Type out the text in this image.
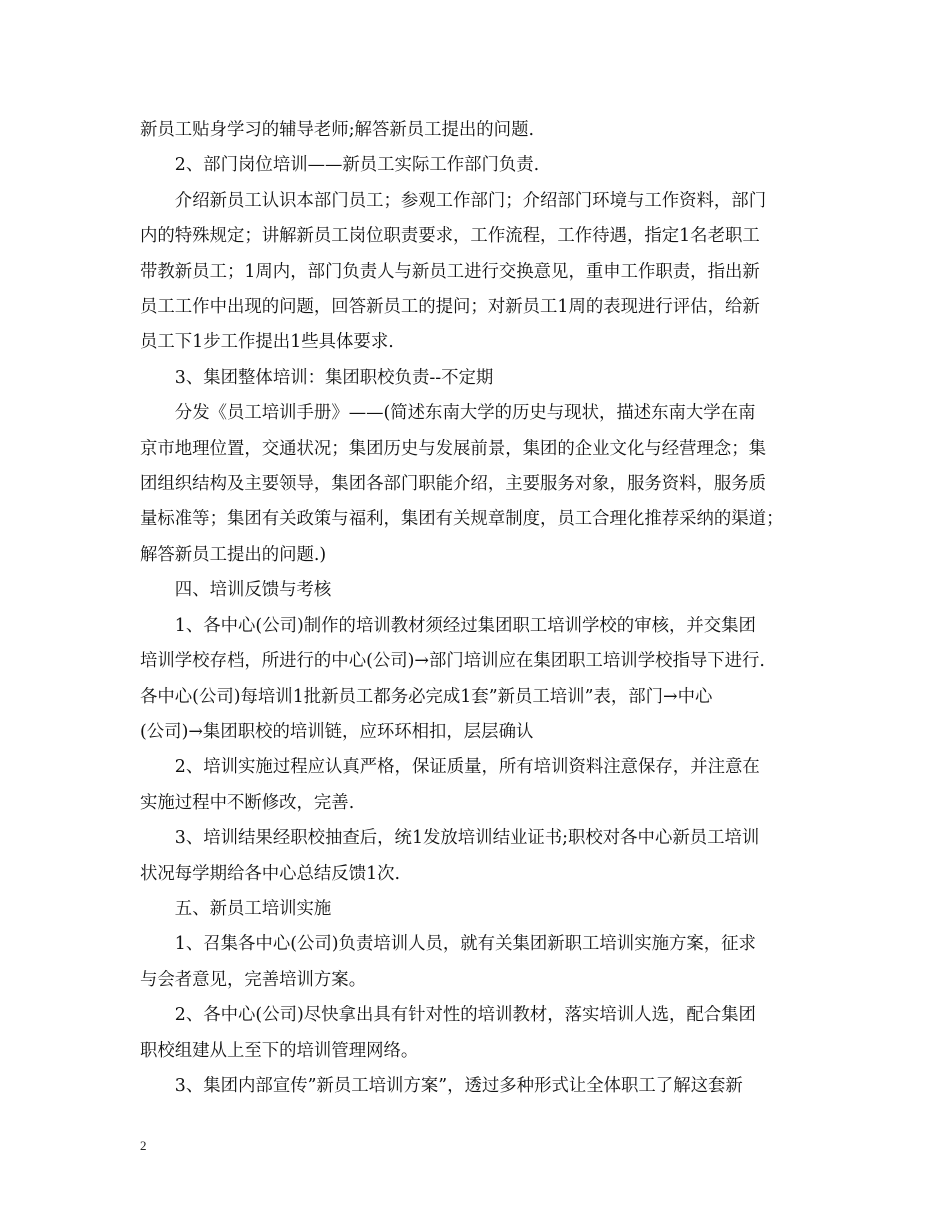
新员工贴身学习的辅导老师;解答新员工提出的问题.

2、部门岗位培训——新员工实际工作部门负责.

介绍新员工认识本部门员工；参观工作部门；介绍部门环境与工作资料，部门
内的特殊规定；讲解新员工岗位职责要求，工作流程，工作待遇，指定1名老职工
带教新员工；1周内，部门负责人与新员工进行交换意见，重申工作职责，指出新
员工工作中出现的问题，回答新员工的提问；对新员工1周的表现进行评估，给新
员工下1步工作提出1些具体要求.

3、集团整体培训：集团职校负责--不定期

分发《员工培训手册》——(简述东南大学的历史与现状，描述东南大学在南
京市地理位置，交通状况；集团历史与发展前景，集团的企业文化与经营理念；集
团组织结构及主要领导，集团各部门职能介绍，主要服务对象，服务资料，服务质
量标准等；集团有关政策与福利，集团有关规章制度，员工合理化推荐采纳的渠道；
解答新员工提出的问题.)

四、培训反馈与考核

1、各中心(公司)制作的培训教材须经过集团职工培训学校的审核，并交集团
培训学校存档，所进行的中心(公司)→部门培训应在集团职工培训学校指导下进行.
各中心(公司)每培训1批新员工都务必完成1套”新员工培训”表，部门→中心
(公司)→集团职校的培训链，应环环相扣，层层确认

2、培训实施过程应认真严格，保证质量，所有培训资料注意保存，并注意在
实施过程中不断修改，完善.

3、培训结果经职校抽查后，统1发放培训结业证书;职校对各中心新员工培训
状况每学期给各中心总结反馈1次.

五、新员工培训实施

1、召集各中心(公司)负责培训人员，就有关集团新职工培训实施方案，征求
与会者意见，完善培训方案。

2、各中心(公司)尽快拿出具有针对性的培训教材，落实培训人选，配合集团
职校组建从上至下的培训管理网络。

3、集团内部宣传”新员工培训方案”，透过多种形式让全体职工了解这套新

2
